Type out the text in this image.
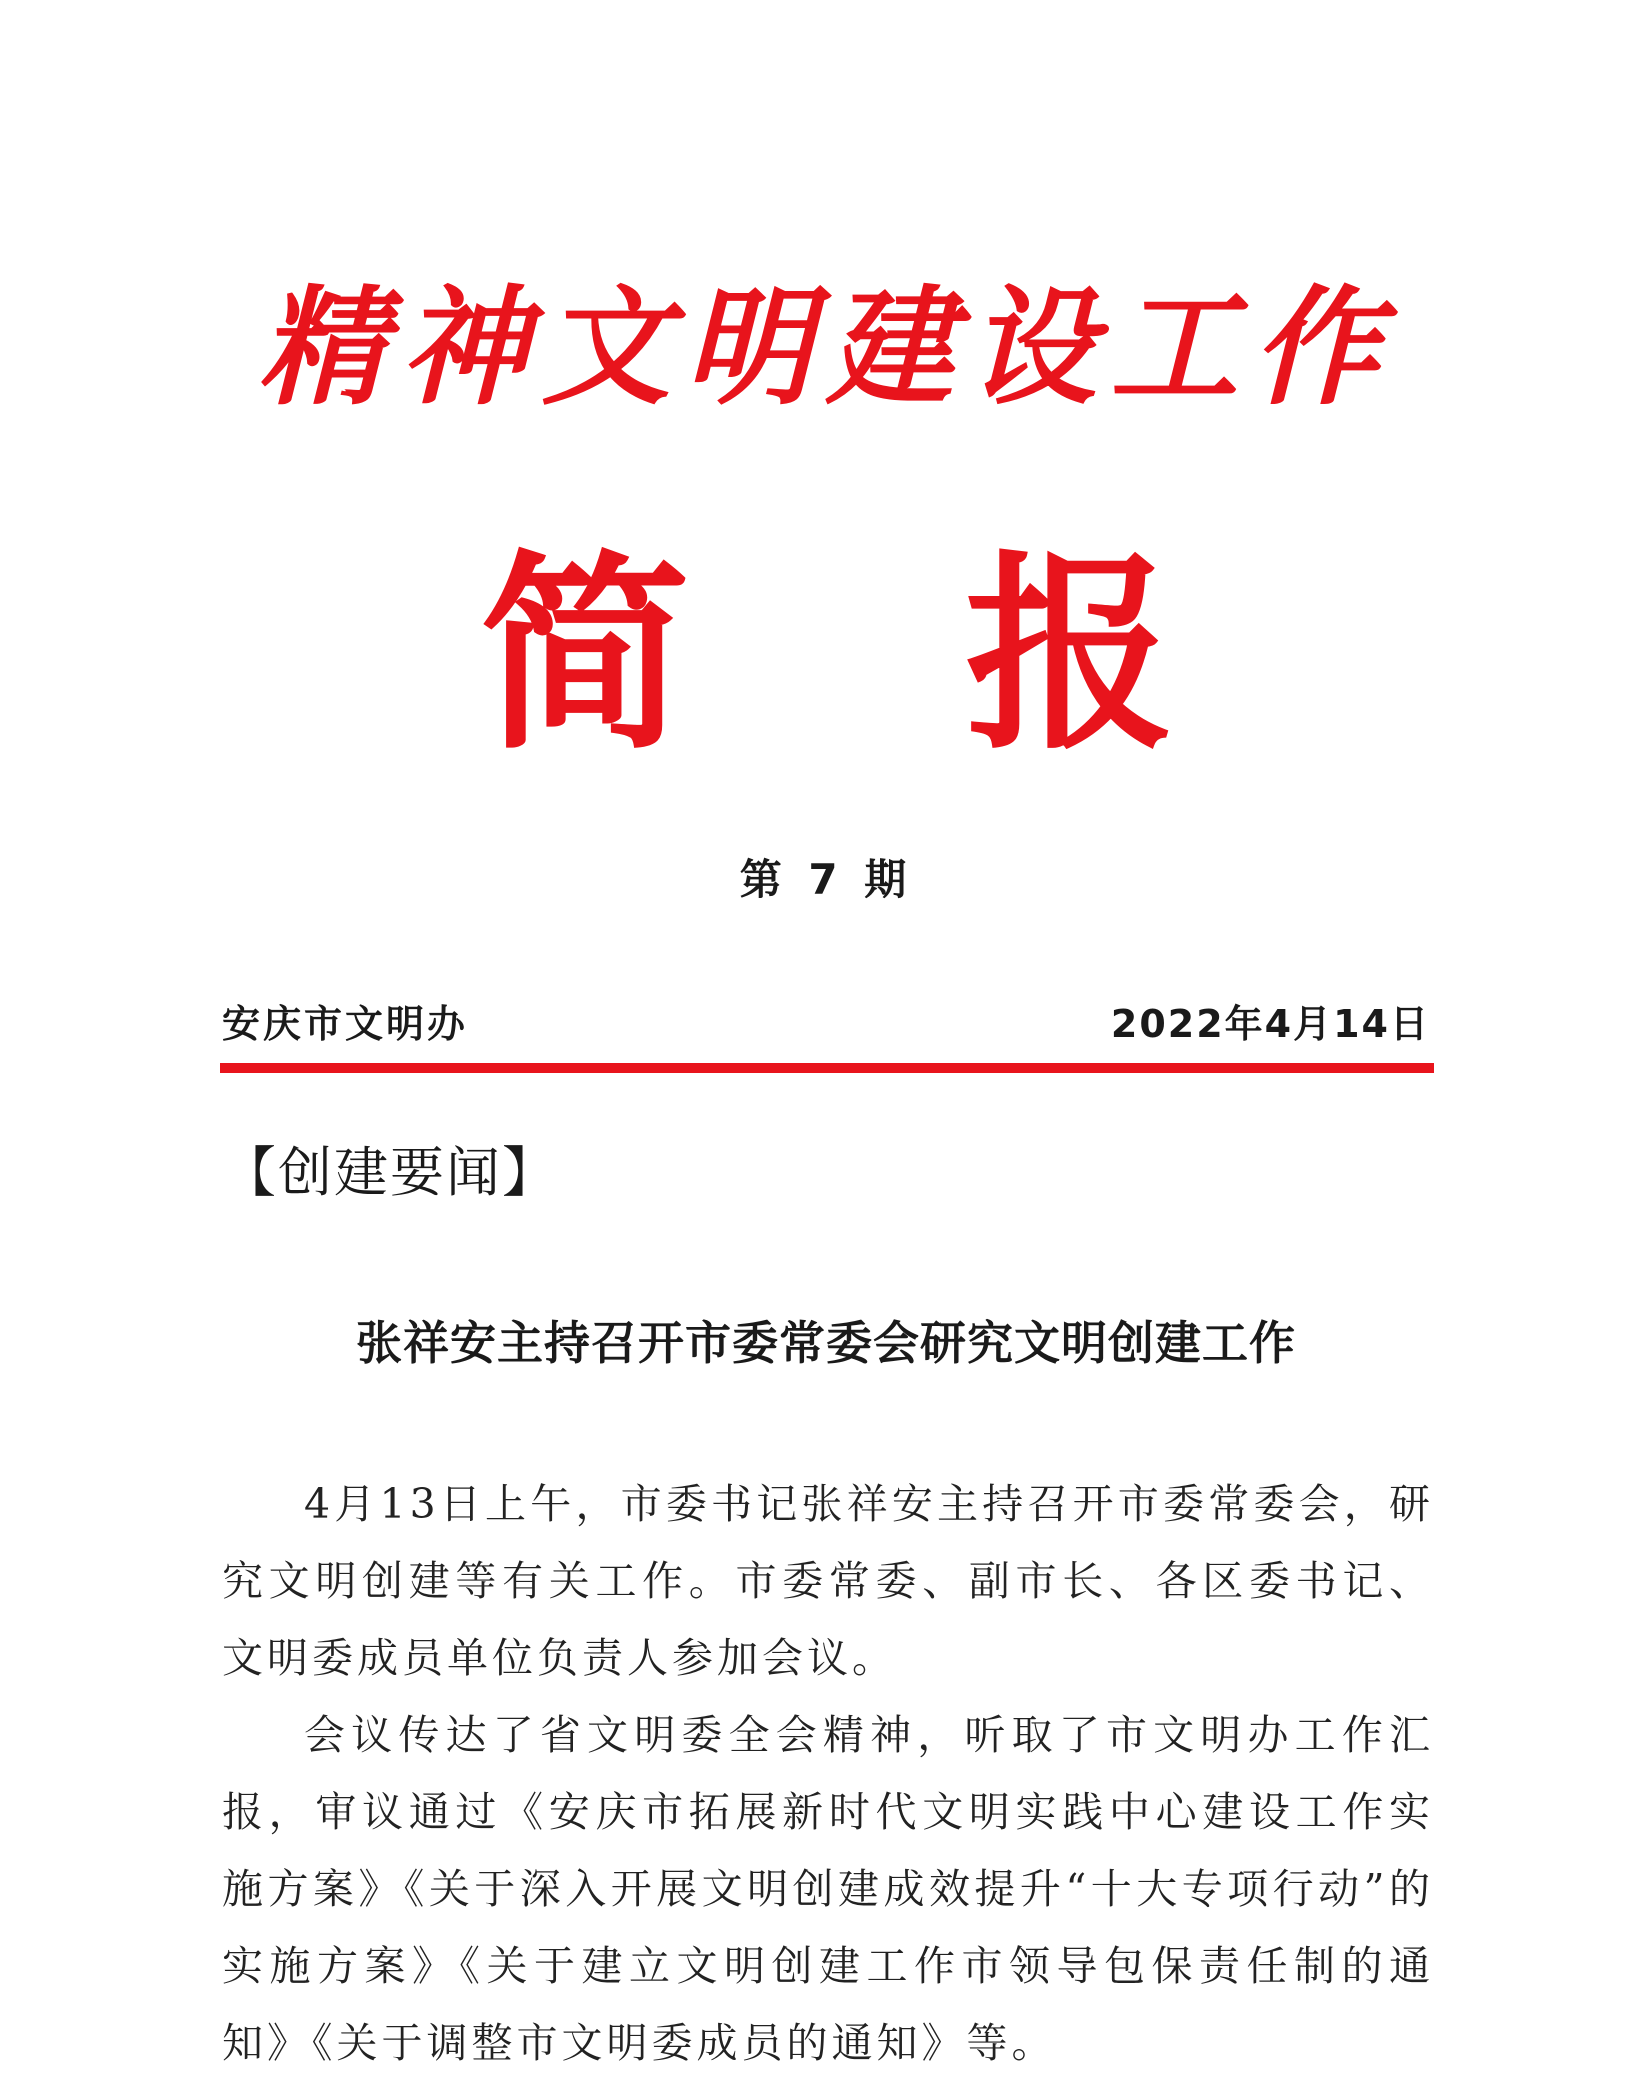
精神文明建设工作
简 报
第 7 期
安庆市文明办	2022年4月14日
【创建要闻】
张祥安主持召开市委常委会研究文明创建工作

4月13日上午，市委书记张祥安主持召开市委常委会，研究文明创建等有关工作。市委常委、副市长、各区委书记、文明委成员单位负责人参加会议。

会议传达了省文明委全会精神，听取了市文明办工作汇报，审议通过《安庆市拓展新时代文明实践中心建设工作实施方案》《关于深入开展文明创建成效提升“十大专项行动”的实施方案》《关于建立文明创建工作市领导包保责任制的通知》《关于调整市文明委成员的通知》等。
